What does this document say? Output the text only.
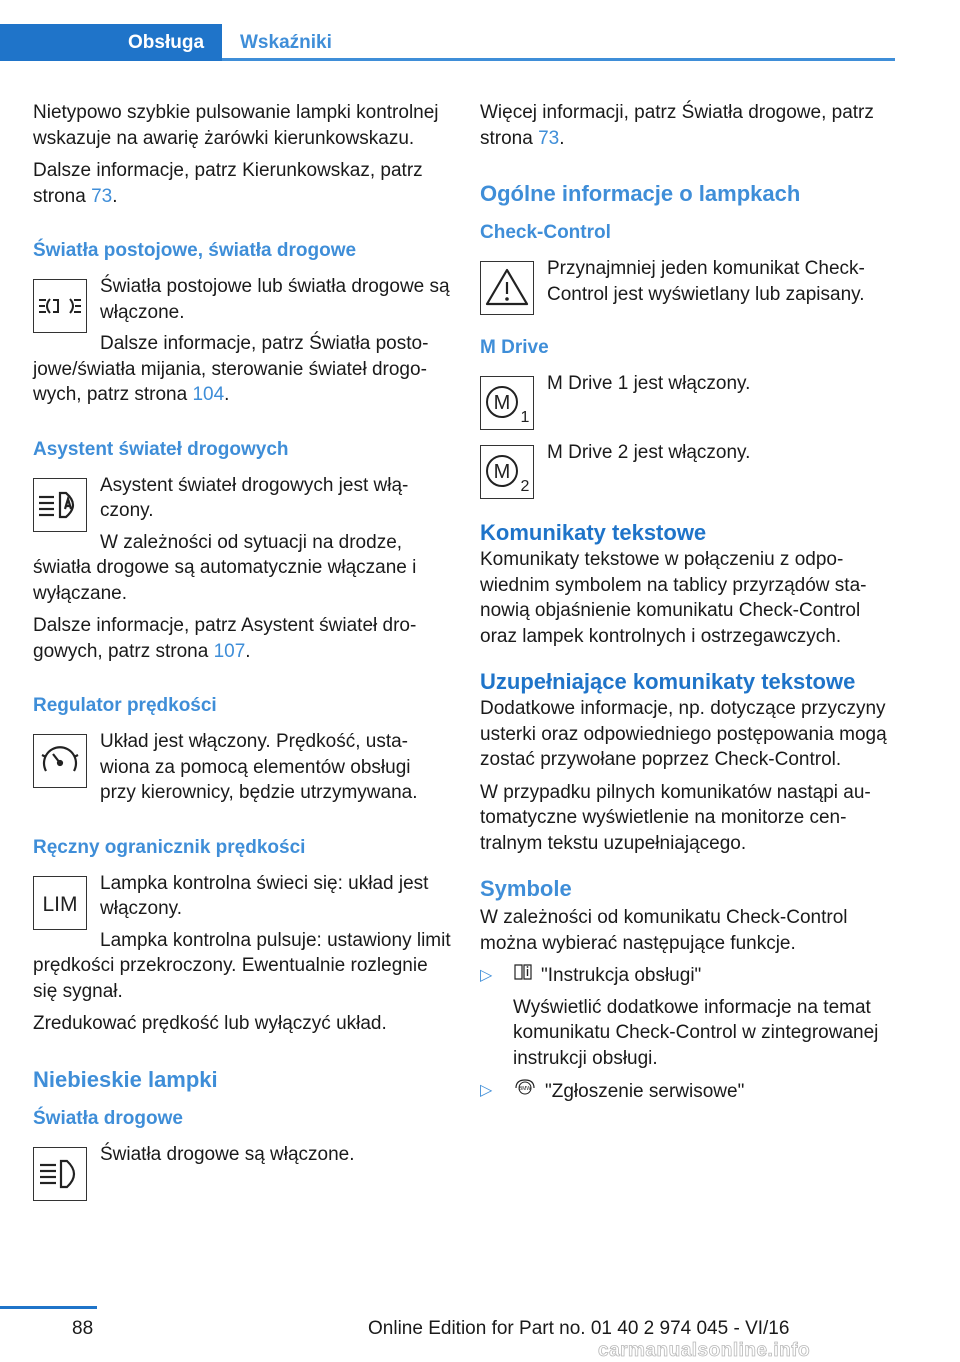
Obsługa	Wskaźniki

Nietypowo szybkie pulsowanie lampki kontrolnej wskazuje na awarię żarówki kierunkowskazu.

Dalsze informacje, patrz Kierunkowskaz, patrz strona 73.

Światła postojowe, światła drogowe

Światła postojowe lub światła drogowe są włączone.

Dalsze informacje, patrz Światła postojowe/światła mijania, sterowanie świateł drogowych, patrz strona 104.

Asystent świateł drogowych

Asystent świateł drogowych jest włączony.

W zależności od sytuacji na drodze, światła drogowe są automatycznie włączane i wyłączane.

Dalsze informacje, patrz Asystent świateł drogowych, patrz strona 107.

Regulator prędkości

Układ jest włączony. Prędkość, ustawiona za pomocą elementów obsługi przy kierownicy, będzie utrzymywana.

Ręczny ogranicznik prędkości
LIM

Lampka kontrolna świeci się: układ jest włączony.

Lampka kontrolna pulsuje: ustawiony limit prędkości przekroczony. Ewentualnie rozlegnie się sygnał.

Zredukować prędkość lub wyłączyć układ.

Niebieskie lampki
Światła drogowe

Światła drogowe są włączone.

Więcej informacji, patrz Światła drogowe, patrz strona 73.

Ogólne informacje o lampkach
Check-Control

Przynajmniej jeden komunikat Check-Control jest wyświetlany lub zapisany.

M Drive
M
1

M Drive 1 jest włączony.

M
2

M Drive 2 jest włączony.

Komunikaty tekstowe

Komunikaty tekstowe w połączeniu z odpowiednim symbolem na tablicy przyrządów stanowią objaśnienie komunikatu Check-Control oraz lampek kontrolnych i ostrzegawczych.

Uzupełniające komunikaty tekstowe

Dodatkowe informacje, np. dotyczące przyczyny usterki oraz odpowiedniego postępowania mogą zostać przywołane poprzez Check-Control.

W przypadku pilnych komunikatów nastąpi automatyczne wyświetlenie na monitorze centralnym tekstu uzupełniającego.

Symbole

W zależności od komunikatu Check-Control można wybierać następujące funkcje.

▷	"Instrukcja obsługi"
Wyświetlić dodatkowe informacje na temat komunikatu Check-Control w zintegrowanej instrukcji obsługi.
▷	BMW "Zgłoszenie serwisowe"
88	Online Edition for Part no. 01 40 2 974 045 - VI/16
carmanualsonline.info
